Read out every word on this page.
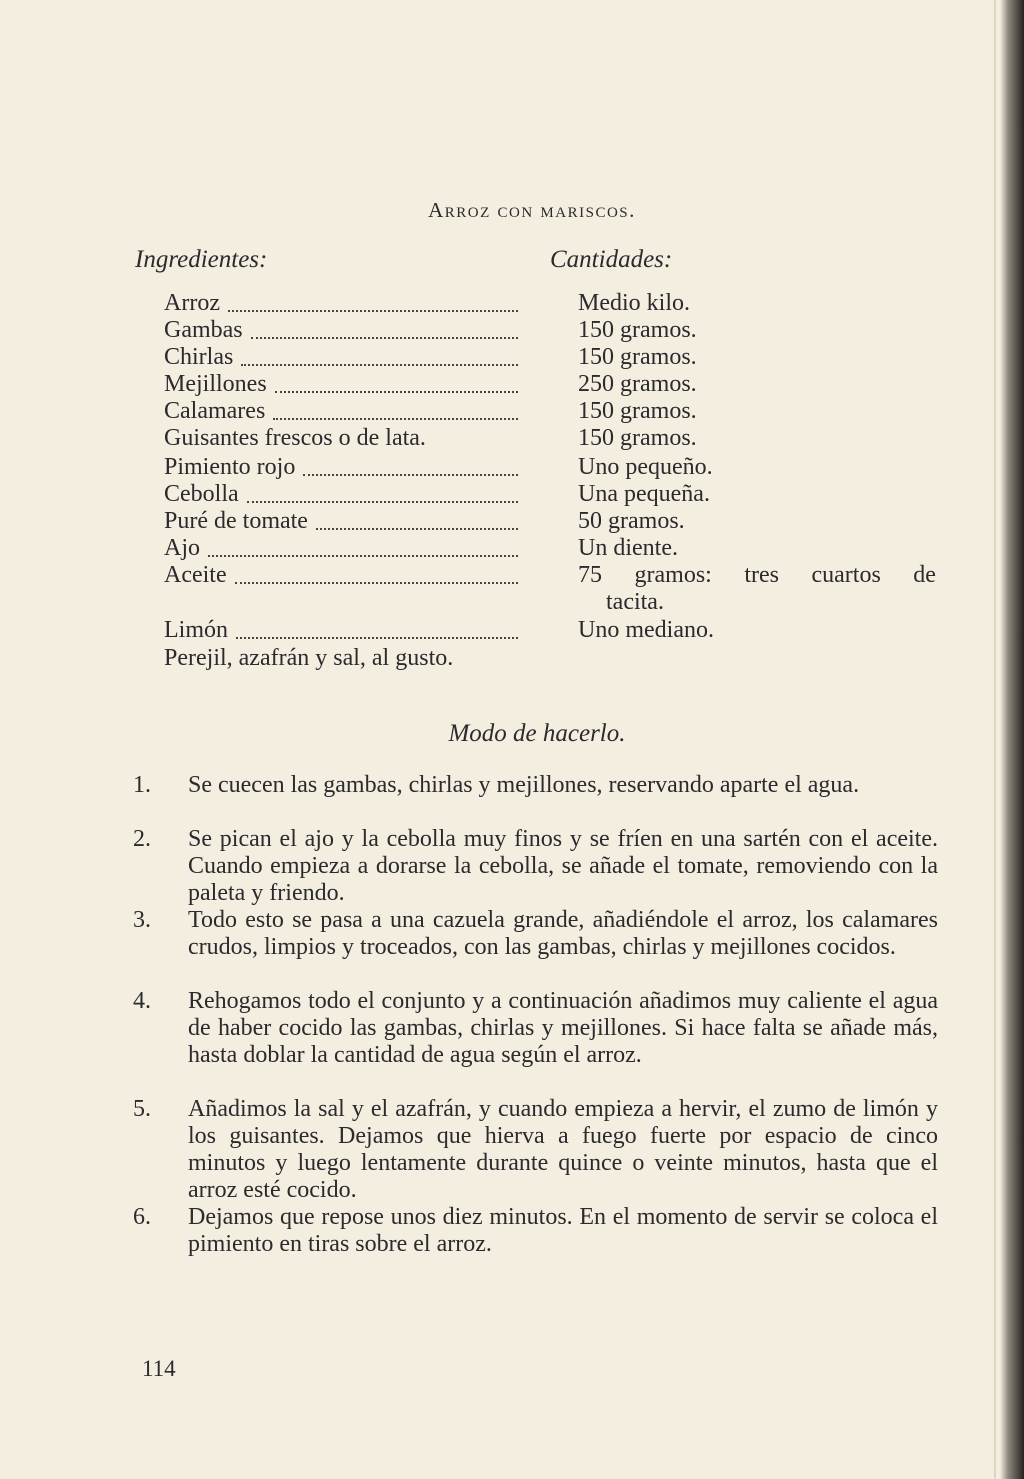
Arroz con mariscos.
Ingredientes:	Cantidades:
Arroz	Medio kilo.
Gambas	150 gramos.
Chirlas	150 gramos.
Mejillones	250 gramos.
Calamares	150 gramos.
Guisantes frescos o de lata.	150 gramos.
Pimiento rojo	Uno pequeño.
Cebolla	Una pequeña.
Puré de tomate	50 gramos.
Ajo	Un diente.
Aceite	75 gramos: tres cuartos de
tacita.
Limón	Uno mediano.
Perejil, azafrán y sal, al gusto.
Modo de hacerlo.
1.	Se cuecen las gambas, chirlas y mejillones, reservando aparte el agua.
2.	Se pican el ajo y la cebolla muy finos y se fríen en una sartén con el aceite. Cuando empieza a dorarse la cebolla, se añade el tomate, removiendo con la paleta y friendo.
3.	Todo esto se pasa a una cazuela grande, añadiéndole el arroz, los calamares crudos, limpios y troceados, con las gambas, chirlas y mejillones cocidos.
4.	Rehogamos todo el conjunto y a continuación añadimos muy caliente el agua de haber cocido las gambas, chirlas y mejillones. Si hace falta se añade más, hasta doblar la cantidad de agua según el arroz.
5.	Añadimos la sal y el azafrán, y cuando empieza a hervir, el zumo de limón y los guisantes. Dejamos que hierva a fuego fuerte por espacio de cinco minutos y luego lentamente durante quince o veinte minutos, hasta que el arroz esté cocido.
6.	Dejamos que repose unos diez minutos. En el momento de servir se coloca el pimiento en tiras sobre el arroz.
114
